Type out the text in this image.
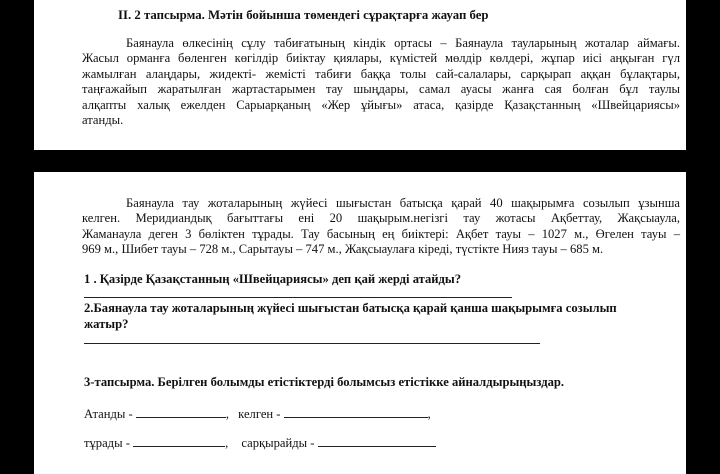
II. 2 тапсырма. Мәтін бойынша төмендегі сұрақтарға жауап бер
Баянаула өлкесінің сұлу табиғатының кіндік ортасы – Баянаула тауларының жоталар аймағы.
Жасыл орманға бөленген көгілдір биіктау қиялары, күмістей мөлдір көлдері, жұпар иісі аңқыған гүл
жамылған алаңдары, жидекті- жемісті табиғи баққа толы сай-салалары, сарқырап аққан бұлақтары,
таңғажайып жаратылған жартастарымен тау шыңдары, самал ауасы жанға сая болған бұл таулы
алқапты халық ежелден Сарыарқаның «Жер ұйығы» атаса, қазірде Қазақстанның «Швейцариясы»
атанды.
Баянаула тау жоталарының жүйесі шығыстан батысқа қарай 40 шақырымға созылып ұзынша
келген. Меридиандық бағыттағы ені 20 шақырым.негізгі тау жотасы Ақбеттау, Жақсыаула,
Жаманаула деген 3 бөліктен тұрады. Тау басының ең биіктері: Ақбет тауы – 1027 м., Өгелен тауы –
969 м., Шибет тауы – 728 м., Сарытауы – 747 м., Жақсыаулаға кіреді, түстікте Нияз тауы – 685 м.
1 . Қазірде Қазақстанның «Швейцариясы» деп қай жерді атайды?
2.Баянаула тау жоталарының жүйесі шығыстан батысқа қарай қанша шақырымға созылып
жатыр?
3-тапсырма. Берілген болымды етістіктерді болымсыз етістікке айналдырыңыздар.
Атанды -	, келген -	,
тұрады -	, сарқырайды -
